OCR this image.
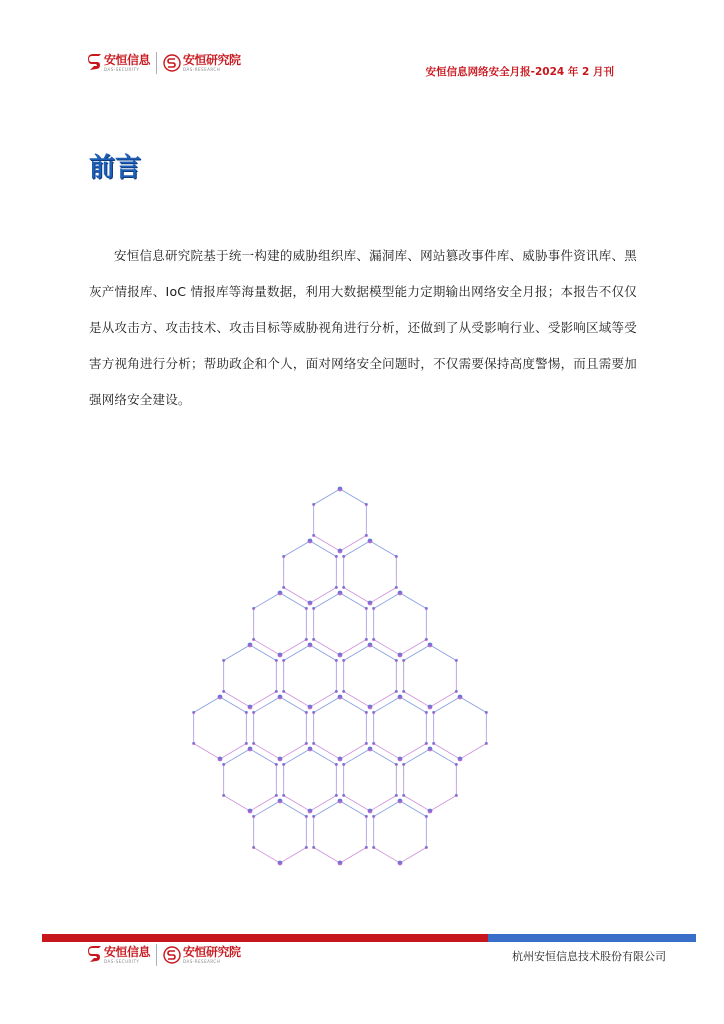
安恒信息
DAS-SECURITY
安恒研究院
DAS-RESEARCH	安恒信息网络安全月报-2024 年 2 月刊
前言

安恒信息研究院基于统一构建的威胁组织库、漏洞库、网站篡改事件库、威胁事件资讯库、黑灰产情报库、IoC 情报库等海量数据，利用大数据模型能力定期输出网络安全月报；本报告不仅仅是从攻击方、攻击技术、攻击目标等威胁视角进行分析，还做到了从受影响行业、受影响区域等受害方视角进行分析；帮助政企和个人，面对网络安全问题时，不仅需要保持高度警惕，而且需要加强网络安全建设。

安恒信息
DAS-SECURITY
安恒研究院
DAS-RESEARCH	杭州安恒信息技术股份有限公司
